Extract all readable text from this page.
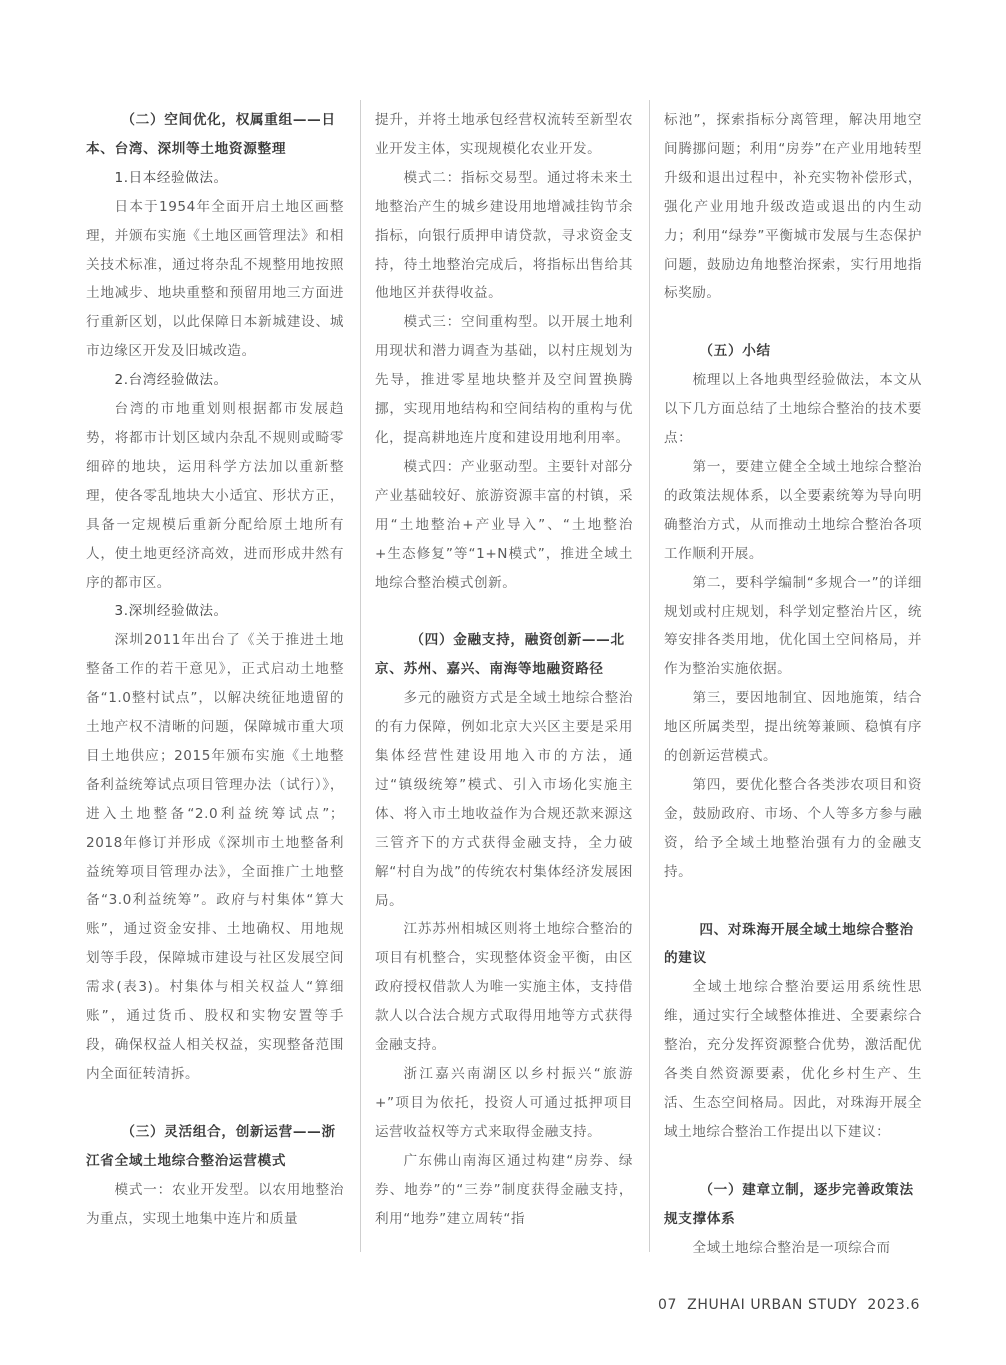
（二）空间优化，权属重组——日本、台湾、深圳等土地资源整理

1.日本经验做法。

日本于1954年全面开启土地区画整理，并颁布实施《土地区画管理法》和相关技术标准，通过将杂乱不规整用地按照土地减步、地块重整和预留用地三方面进行重新区划，以此保障日本新城建设、城市边缘区开发及旧城改造。

2.台湾经验做法。

台湾的市地重划则根据都市发展趋势，将都市计划区域内杂乱不规则或畸零细碎的地块，运用科学方法加以重新整理，使各零乱地块大小适宜、形状方正，具备一定规模后重新分配给原土地所有人，使土地更经济高效，进而形成井然有序的都市区。

3.深圳经验做法。

深圳2011年出台了《关于推进土地整备工作的若干意见》，正式启动土地整备“1.0整村试点”，以解决统征地遗留的土地产权不清晰的问题，保障城市重大项目土地供应；2015年颁布实施《土地整备利益统筹试点项目管理办法（试行）》，进入土地整备“2.0利益统筹试点”；2018年修订并形成《深圳市土地整备利益统筹项目管理办法》，全面推广土地整备“3.0利益统筹”。政府与村集体“算大账”，通过资金安排、土地确权、用地规划等手段，保障城市建设与社区发展空间需求(表3)。村集体与相关权益人“算细账”，通过货币、股权和实物安置等手段，确保权益人相关权益，实现整备范围内全面征转清拆。

（三）灵活组合，创新运营——浙江省全域土地综合整治运营模式

模式一：农业开发型。以农用地整治为重点，实现土地集中连片和质量

提升，并将土地承包经营权流转至新型农业开发主体，实现规模化农业开发。

模式二：指标交易型。通过将未来土地整治产生的城乡建设用地增减挂钩节余指标，向银行质押申请贷款，寻求资金支持，待土地整治完成后，将指标出售给其他地区并获得收益。

模式三：空间重构型。以开展土地利用现状和潜力调查为基础，以村庄规划为先导，推进零星地块整并及空间置换腾挪，实现用地结构和空间结构的重构与优化，提高耕地连片度和建设用地利用率。

模式四：产业驱动型。主要针对部分产业基础较好、旅游资源丰富的村镇，采用“土地整治+产业导入”、“土地整治+生态修复”等“1+N模式”，推进全域土地综合整治模式创新。

（四）金融支持，融资创新——北京、苏州、嘉兴、南海等地融资路径

多元的融资方式是全域土地综合整治的有力保障，例如北京大兴区主要是采用集体经营性建设用地入市的方法，通过“镇级统筹”模式、引入市场化实施主体、将入市土地收益作为合规还款来源这三管齐下的方式获得金融支持，全力破解“村自为战”的传统农村集体经济发展困局。

江苏苏州相城区则将土地综合整治的项目有机整合，实现整体资金平衡，由区政府授权借款人为唯一实施主体，支持借款人以合法合规方式取得用地等方式获得金融支持。

浙江嘉兴南湖区以乡村振兴“旅游+”项目为依托，投资人可通过抵押项目运营收益权等方式来取得金融支持。

广东佛山南海区通过构建“房券、绿券、地券”的“三券”制度获得金融支持，利用“地券”建立周转“指

标池”，探索指标分离管理，解决用地空间腾挪问题；利用“房券”在产业用地转型升级和退出过程中，补充实物补偿形式，强化产业用地升级改造或退出的内生动力；利用“绿券”平衡城市发展与生态保护问题，鼓励边角地整治探索，实行用地指标奖励。

（五）小结

梳理以上各地典型经验做法，本文从以下几方面总结了土地综合整治的技术要点：

第一，要建立健全全域土地综合整治的政策法规体系，以全要素统筹为导向明确整治方式，从而推动土地综合整治各项工作顺利开展。

第二，要科学编制“多规合一”的详细规划或村庄规划，科学划定整治片区，统筹安排各类用地，优化国土空间格局，并作为整治实施依据。

第三，要因地制宜、因地施策，结合地区所属类型，提出统筹兼顾、稳慎有序的创新运营模式。

第四，要优化整合各类涉农项目和资金，鼓励政府、市场、个人等多方参与融资，给予全域土地整治强有力的金融支持。

四、对珠海开展全域土地综合整治的建议

全域土地综合整治要运用系统性思维，通过实行全域整体推进、全要素综合整治，充分发挥资源整合优势，激活配优各类自然资源要素，优化乡村生产、生活、生态空间格局。因此，对珠海开展全域土地综合整治工作提出以下建议：

（一）建章立制，逐步完善政策法规支撑体系

全域土地综合整治是一项综合而

07  ZHUHAI URBAN STUDY  2023.6
